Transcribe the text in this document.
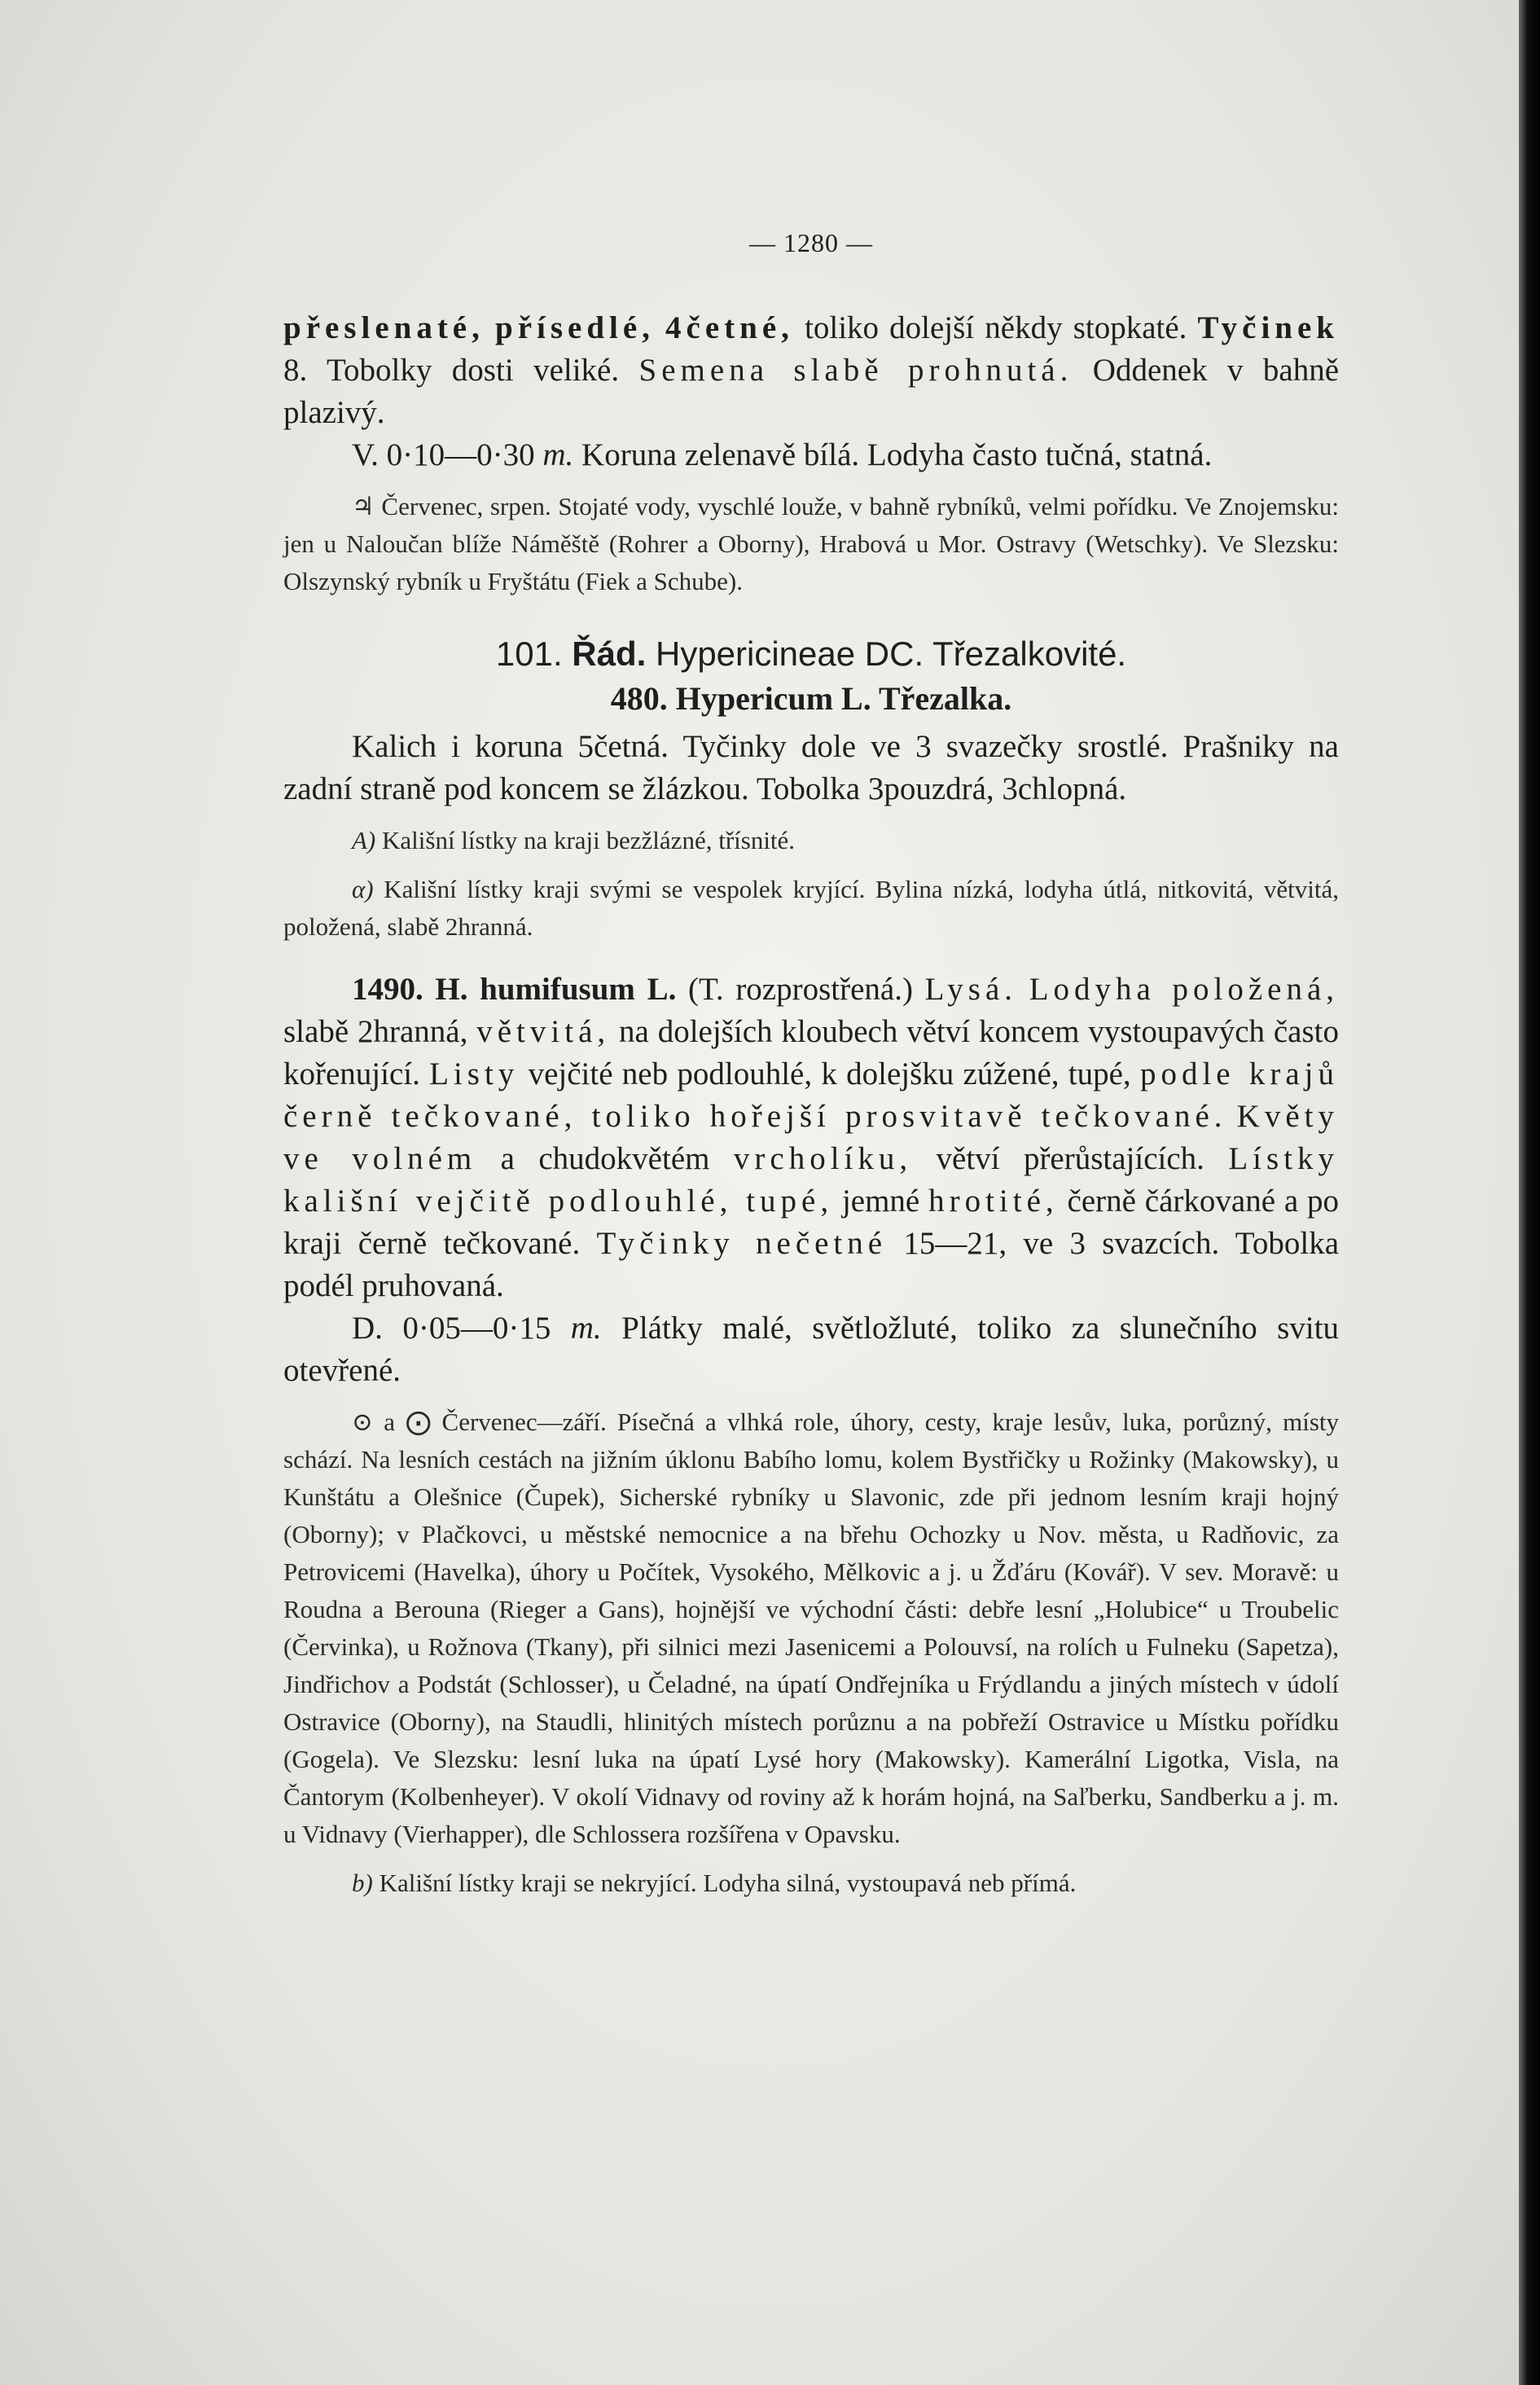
— 1280 —

přeslenaté, přísedlé, 4četné, toliko dolejší někdy stopkaté. Tyčinek 8. Tobolky dosti veliké. Semena slabě prohnutá. Oddenek v bahně plazivý.

V. 0·10—0·30 m. Koruna zelenavě bílá. Lodyha často tučná, statná.

♃ Červenec, srpen. Stojaté vody, vyschlé louže, v bahně rybníků, velmi pořídku. Ve Znojemsku: jen u Naloučan blíže Náměště (Rohrer a Oborny), Hrabová u Mor. Ostravy (Wetschky). Ve Slezsku: Olszynský rybník u Fryštátu (Fiek a Schube).

101. Řád. Hypericineae DC. Třezalkovité.
480. Hypericum L. Třezalka.

Kalich i koruna 5četná. Tyčinky dole ve 3 svazečky srostlé. Prašniky na zadní straně pod koncem se žlázkou. Tobolka 3pouzdrá, 3chlopná.

A) Kališní lístky na kraji bezžlázné, třísnité.

α) Kališní lístky kraji svými se vespolek kryjící. Bylina nízká, lodyha útlá, nitkovitá, větvitá, položená, slabě 2hranná.

1490. H. humifusum L. (T. rozprostřená.) Lysá. Lodyha položená, slabě 2hranná, větvitá, na dolejších kloubech větví koncem vystoupavých často kořenující. Listy vejčité neb podlouhlé, k dolejšku zúžené, tupé, podle krajů černě tečkované, toliko hořejší prosvitavě tečkované. Květy ve volném a chudokvětém vrcholíku, větví přerůstajících. Lístky kališní vejčitě podlouhlé, tupé, jemné hrotité, černě čárkované a po kraji černě tečkované. Tyčinky nečetné 15—21, ve 3 svazcích. Tobolka podél pruhovaná.

D. 0·05—0·15 m. Plátky malé, světložluté, toliko za slunečního svitu otevřené.

⊙ a ⨀ Červenec—září. Písečná a vlhká role, úhory, cesty, kraje lesův, luka, porůzný, místy schází. Na lesních cestách na jižním úklonu Babího lomu, kolem Bystřičky u Rožinky (Makowsky), u Kunštátu a Olešnice (Čupek), Sicherské rybníky u Slavonic, zde při jednom lesním kraji hojný (Oborny); v Plačkovci, u městské nemocnice a na břehu Ochozky u Nov. města, u Radňovic, za Petrovicemi (Havelka), úhory u Počítek, Vysokého, Mělkovic a j. u Žďáru (Kovář). V sev. Moravě: u Roudna a Berouna (Rieger a Gans), hojnější ve východní části: debře lesní „Holubice“ u Troubelic (Červinka), u Rožnova (Tkany), při silnici mezi Jasenicemi a Polouvsí, na rolích u Fulneku (Sapetza), Jindřichov a Podstát (Schlosser), u Čeladné, na úpatí Ondřejníka u Frýdlandu a jiných místech v údolí Ostravice (Oborny), na Staudli, hlinitých místech porůznu a na pobřeží Ostravice u Místku pořídku (Gogela). Ve Slezsku: lesní luka na úpatí Lysé hory (Makowsky). Kamerální Ligotka, Visla, na Čantorym (Kolbenheyer). V okolí Vidnavy od roviny až k horám hojná, na Saľberku, Sandberku a j. m. u Vidnavy (Vierhapper), dle Schlossera rozšířena v Opavsku.

b) Kališní lístky kraji se nekryjící. Lodyha silná, vystoupavá neb přímá.
